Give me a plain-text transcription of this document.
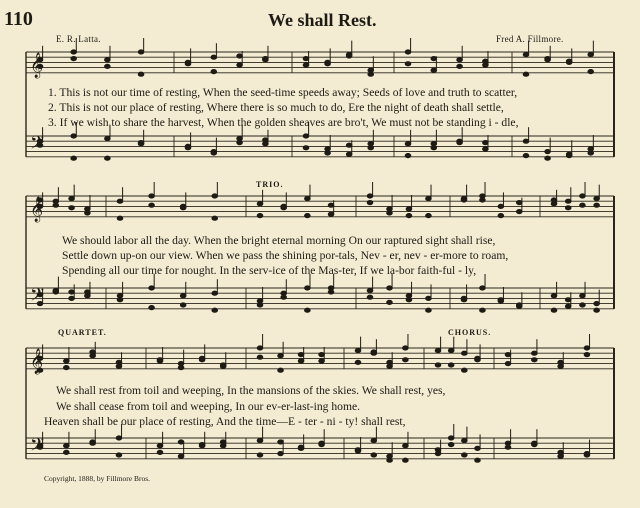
𝄞
𝄢
𝄞
𝄢
𝄞
𝄢
110	We shall Rest.
E. R. Latta.	Fred A. Fillmore.
1. This is not our time of resting, When the seed-time speeds away; Seeds of love and truth to scatter,
2. This is not our place of resting, Where there is so much to do, Ere the night of death shall settle,
3. If we wish to share the harvest, When the golden sheaves are bro't, We must not be standing i - dle,
TRIO.
We should labor all the day. When the bright eternal morning On our raptured sight shall rise,
Settle down up-on our view. When we pass the shining por-tals, Nev - er, nev - er-more to roam,
Spending all our time for nought. In the serv-ice of the Mas-ter, If we la-bor faith-ful - ly,
QUARTET.	CHORUS.
We shall rest from toil and weeping, In the mansions of the skies. We shall rest, yes,
We shall cease from toil and weeping, In our ev-er-last-ing home.
Heaven shall be our place of resting, And the time—E - ter - ni - ty! shall rest,
Copyright, 1888, by Fillmore Bros.
